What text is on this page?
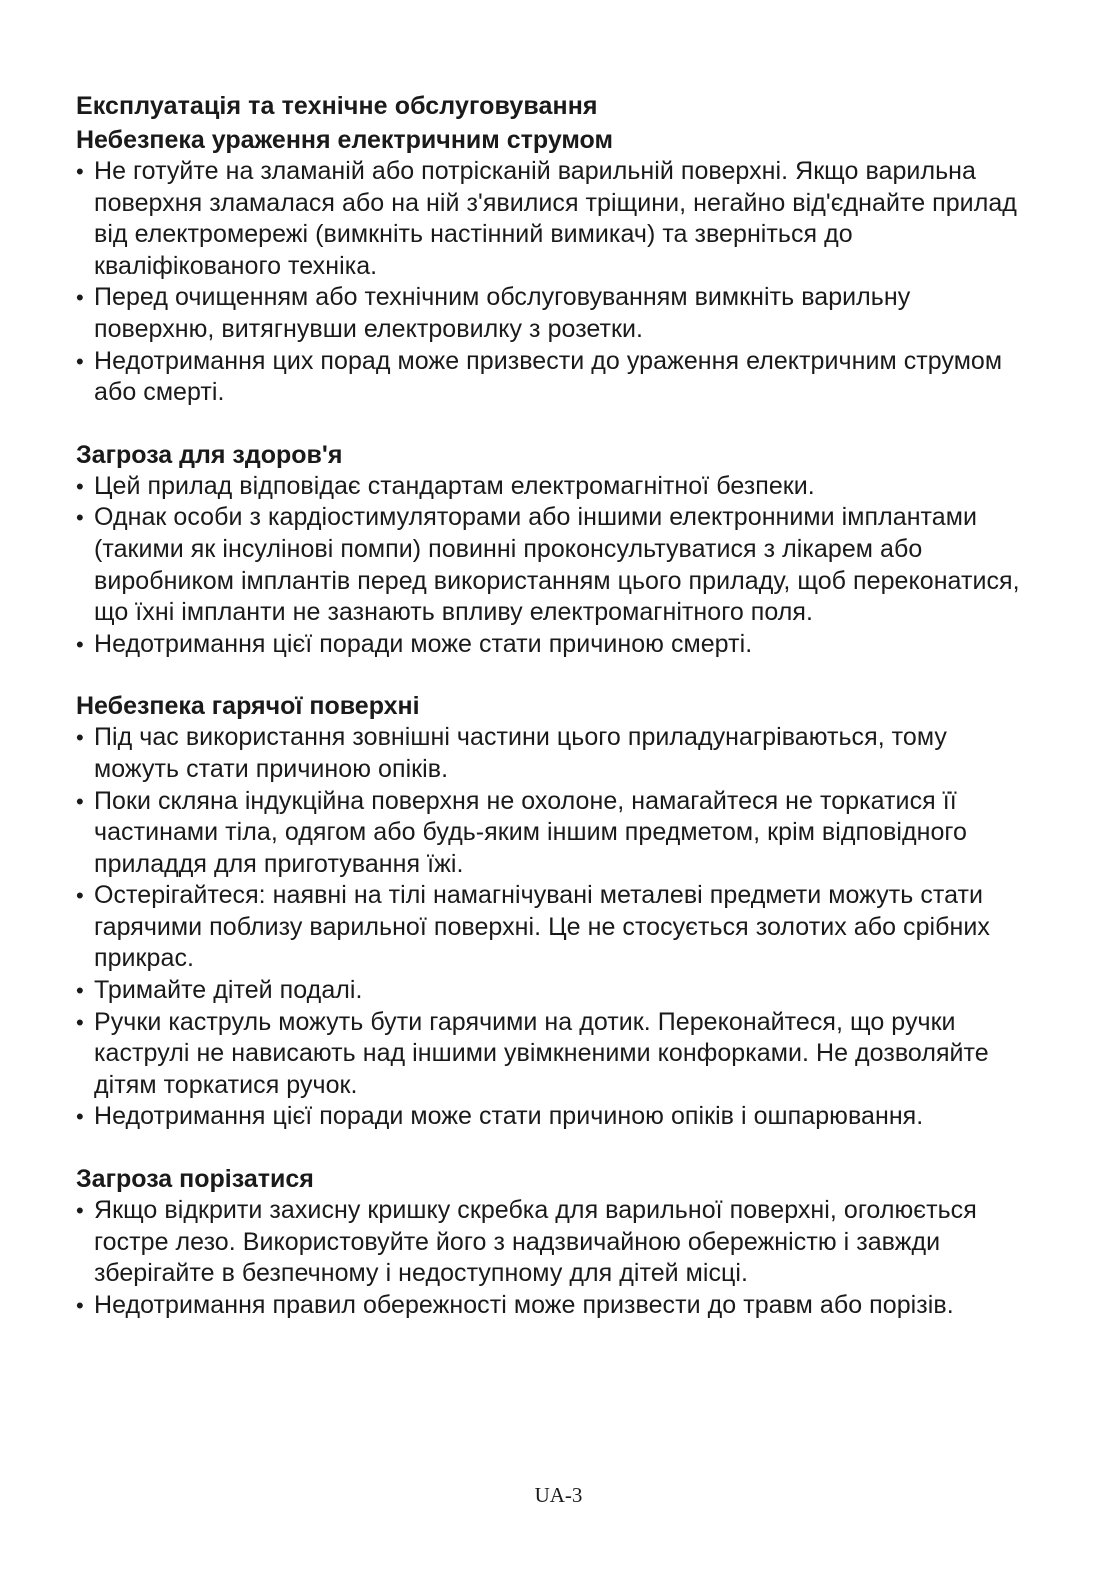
Експлуатація та технічне обслуговування
Небезпека ураження електричним струмом
• Не готуйте на зламаній або потрісканій варильній поверхні. Якщо варильна поверхня зламалася або на ній з'явилися тріщини, негайно від'єднайте прилад від електромережі (вимкніть настінний вимикач) та зверніться до кваліфікованого техніка.
• Перед очищенням або технічним обслуговуванням вимкніть варильну поверхню, витягнувши електровилку з розетки.
• Недотримання цих порад може призвести до ураження електричним струмом або смерті.
Загроза для здоров'я
• Цей прилад відповідає стандартам електромагнітної безпеки.
• Однак особи з кардіостимуляторами або іншими електронними імплантами (такими як інсулінові помпи) повинні проконсультуватися з лікарем або виробником імплантів перед використанням цього приладу, щоб переконатися, що їхні імпланти не зазнають впливу електромагнітного поля.
• Недотримання цієї поради може стати причиною смерті.
Небезпека гарячої поверхні
• Під час використання зовнішні частини цього приладунагріваються, тому можуть стати причиною опіків.
• Поки скляна індукційна поверхня не охолоне, намагайтеся не торкатися її частинами тіла, одягом або будь-яким іншим предметом, крім відповідного приладдя для приготування їжі.
• Остерігайтеся: наявні на тілі намагнічувані металеві предмети можуть стати гарячими поблизу варильної поверхні. Це не стосується золотих або срібних прикрас.
• Тримайте дітей подалі.
• Ручки каструль можуть бути гарячими на дотик. Переконайтеся, що ручки каструлі не нависають над іншими увімкненими конфорками. Не дозволяйте дітям торкатися ручок.
• Недотримання цієї поради може стати причиною опіків і ошпарювання.
Загроза порізатися
• Якщо відкрити захисну кришку скребка для варильної поверхні, оголюється гостре лезо. Використовуйте його з надзвичайною обережністю і завжди зберігайте в безпечному і недоступному для дітей місці.
• Недотримання правил обережності може призвести до травм або порізів.
UA-3
